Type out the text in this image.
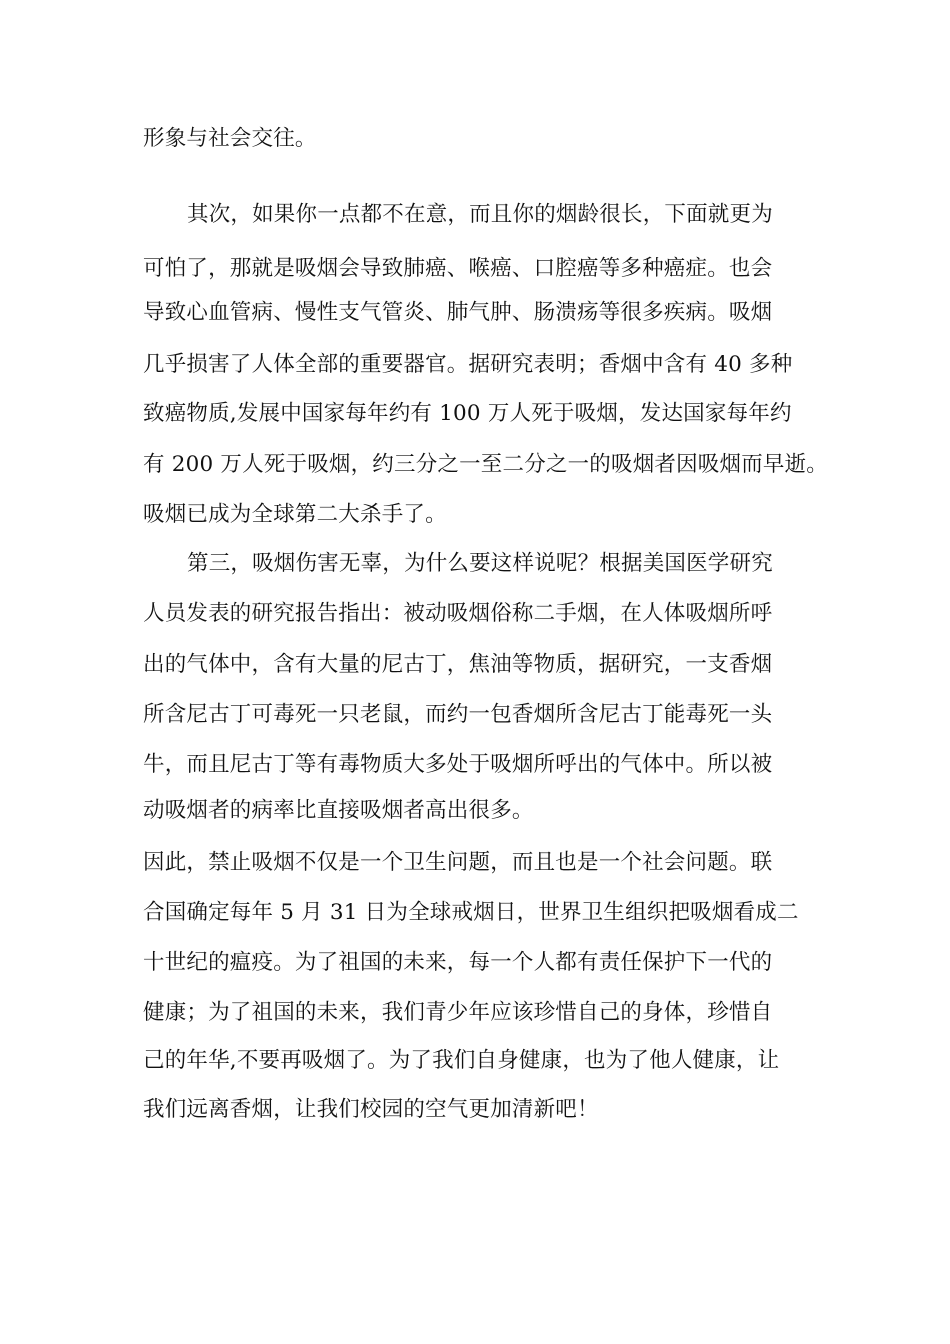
形象与社会交往。
其次，如果你一点都不在意，而且你的烟龄很长，下面就更为
可怕了，那就是吸烟会导致肺癌、喉癌、口腔癌等多种癌症。也会
导致心血管病、慢性支气管炎、肺气肿、肠溃疡等很多疾病。吸烟
几乎损害了人体全部的重要器官。据研究表明；香烟中含有 40 多种
致癌物质,发展中国家每年约有 100 万人死于吸烟，发达国家每年约
有 200 万人死于吸烟，约三分之一至二分之一的吸烟者因吸烟而早逝。
吸烟已成为全球第二大杀手了。
第三，吸烟伤害无辜，为什么要这样说呢？根据美国医学研究
人员发表的研究报告指出：被动吸烟俗称二手烟，在人体吸烟所呼
出的气体中，含有大量的尼古丁，焦油等物质，据研究，一支香烟
所含尼古丁可毒死一只老鼠，而约一包香烟所含尼古丁能毒死一头
牛，而且尼古丁等有毒物质大多处于吸烟所呼出的气体中。所以被
动吸烟者的病率比直接吸烟者高出很多。
因此，禁止吸烟不仅是一个卫生问题，而且也是一个社会问题。联
合国确定每年 5 月 31 日为全球戒烟日，世界卫生组织把吸烟看成二
十世纪的瘟疫。为了祖国的未来，每一个人都有责任保护下一代的
健康；为了祖国的未来，我们青少年应该珍惜自己的身体，珍惜自
己的年华,不要再吸烟了。为了我们自身健康，也为了他人健康，让
我们远离香烟，让我们校园的空气更加清新吧！
